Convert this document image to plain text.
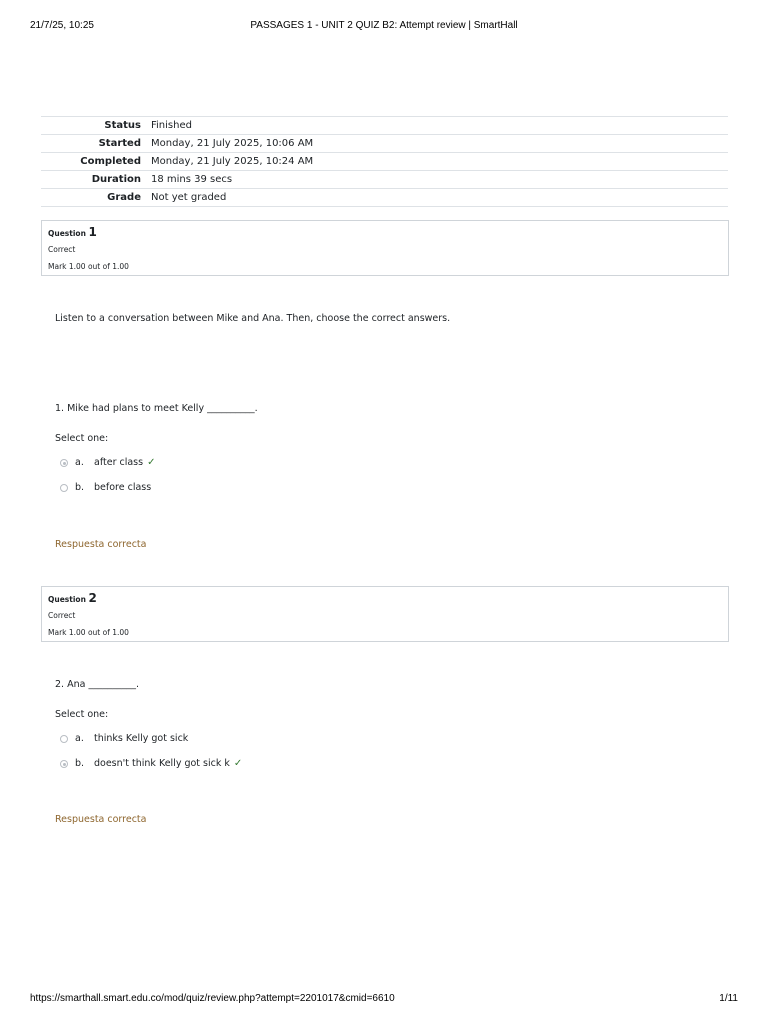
21/7/25, 10:25	PASSAGES 1 - UNIT 2 QUIZ B2: Attempt review | SmartHall
Status	Finished
Started	Monday, 21 July 2025, 10:06 AM
Completed	Monday, 21 July 2025, 10:24 AM
Duration	18 mins 39 secs
Grade	Not yet graded
Question 1
Correct
Mark 1.00 out of 1.00
Listen to a conversation between Mike and Ana. Then, choose the correct answers.
1. Mike had plans to meet Kelly __________.
Select one:
a.	after class ✓
b.	before class
Respuesta correcta
Question 2
Correct
Mark 1.00 out of 1.00
2. Ana __________.
Select one:
a.	thinks Kelly got sick
b.	doesn't think Kelly got sick k ✓
Respuesta correcta
https://smarthall.smart.edu.co/mod/quiz/review.php?attempt=2201017&cmid=6610	1/11
